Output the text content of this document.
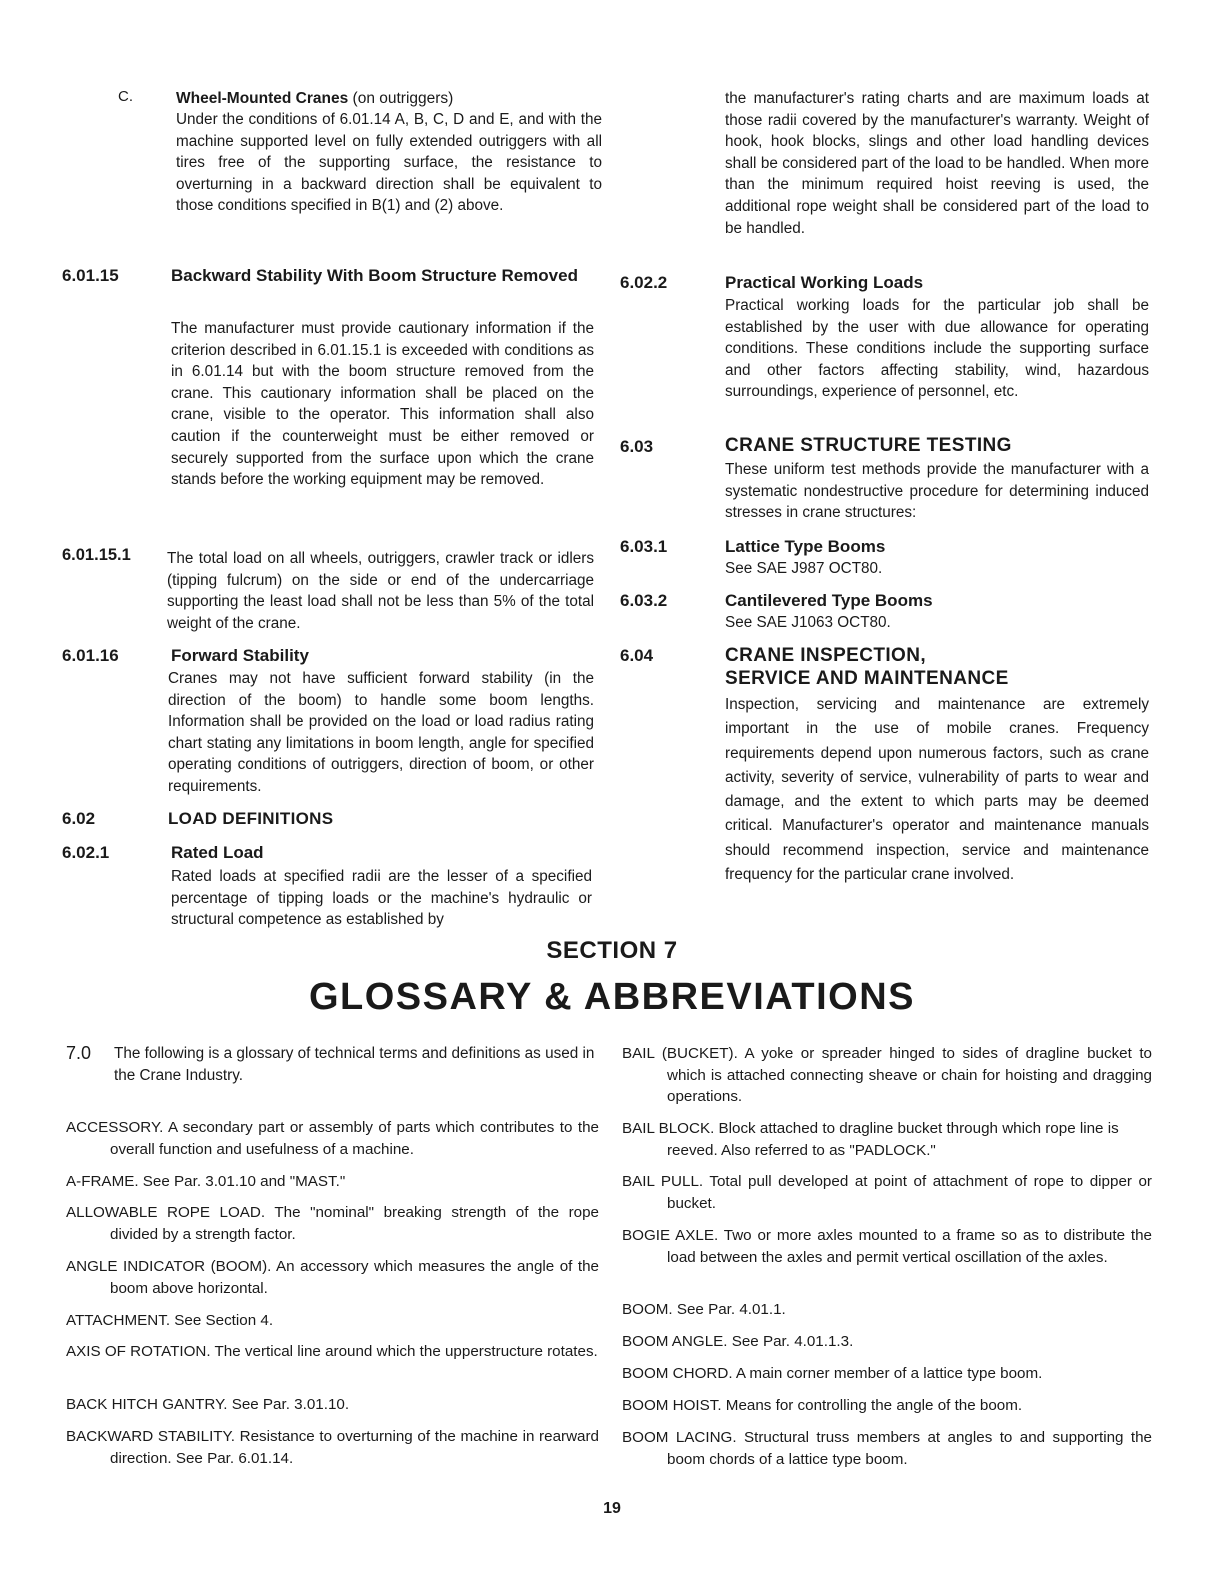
C.	Wheel-Mounted Cranes (on outriggers)
Under the conditions of 6.01.14 A, B, C, D and E, and with the machine supported level on fully extended outriggers with all tires free of the supporting surface, the resistance to overturning in a backward direction shall be equivalent to those conditions specified in B(1) and (2) above.
6.01.15	Backward Stability With Boom Structure Removed
The manufacturer must provide cautionary information if the criterion described in 6.01.15.1 is exceeded with conditions as in 6.01.14 but with the boom structure removed from the crane. This cautionary information shall be placed on the crane, visible to the operator. This information shall also caution if the counterweight must be either removed or securely supported from the surface upon which the crane stands before the working equipment may be removed.
6.01.15.1 The total load on all wheels, outriggers, crawler track or idlers (tipping fulcrum) on the side or end of the undercarriage supporting the least load shall not be less than 5% of the total weight of the crane.
6.01.16	Forward Stability
Cranes may not have sufficient forward stability (in the direction of the boom) to handle some boom lengths. Information shall be provided on the load or load radius rating chart stating any limitations in boom length, angle for specified operating conditions of outriggers, direction of boom, or other requirements.
6.02	LOAD DEFINITIONS
6.02.1	Rated Load
Rated loads at specified radii are the lesser of a specified percentage of tipping loads or the machine's hydraulic or structural competence as established by
the manufacturer's rating charts and are maximum loads at those radii covered by the manufacturer's warranty. Weight of hook, hook blocks, slings and other load handling devices shall be considered part of the load to be handled. When more than the minimum required hoist reeving is used, the additional rope weight shall be considered part of the load to be handled.
6.02.2	Practical Working Loads
Practical working loads for the particular job shall be established by the user with due allowance for operating conditions. These conditions include the supporting surface and other factors affecting stability, wind, hazardous surroundings, experience of personnel, etc.
6.03	CRANE STRUCTURE TESTING
These uniform test methods provide the manufacturer with a systematic nondestructive procedure for determining induced stresses in crane structures:
6.03.1	Lattice Type Booms
See SAE J987 OCT80.
6.03.2	Cantilevered Type Booms
See SAE J1063 OCT80.
6.04	CRANE INSPECTION,
SERVICE AND MAINTENANCE
Inspection, servicing and maintenance are extremely important in the use of mobile cranes. Frequency requirements depend upon numerous factors, such as crane activity, severity of service, vulnerability of parts to wear and damage, and the extent to which parts may be deemed critical. Manufacturer's operator and maintenance manuals should recommend inspection, service and maintenance frequency for the particular crane involved.
SECTION 7
GLOSSARY & ABBREVIATIONS
7.0 The following is a glossary of technical terms and definitions as used in the Crane Industry.

ACCESSORY. A secondary part or assembly of parts which contributes to the overall function and usefulness of a machine.

A-FRAME. See Par. 3.01.10 and "MAST."

ALLOWABLE ROPE LOAD. The "nominal" breaking strength of the rope divided by a strength factor.

ANGLE INDICATOR (BOOM). An accessory which measures the angle of the boom above horizontal.

ATTACHMENT. See Section 4.

AXIS OF ROTATION. The vertical line around which the upperstructure rotates.

BACK HITCH GANTRY. See Par. 3.01.10.

BACKWARD STABILITY. Resistance to overturning of the machine in rearward direction. See Par. 6.01.14.

BAIL (BUCKET). A yoke or spreader hinged to sides of dragline bucket to which is attached connecting sheave or chain for hoisting and dragging operations.

BAIL BLOCK. Block attached to dragline bucket through which rope line is reeved. Also referred to as "PADLOCK."

BAIL PULL. Total pull developed at point of attachment of rope to dipper or bucket.

BOGIE AXLE. Two or more axles mounted to a frame so as to distribute the load between the axles and permit vertical oscillation of the axles.

BOOM. See Par. 4.01.1.

BOOM ANGLE. See Par. 4.01.1.3.

BOOM CHORD. A main corner member of a lattice type boom.

BOOM HOIST. Means for controlling the angle of the boom.

BOOM LACING. Structural truss members at angles to and supporting the boom chords of a lattice type boom.

19
